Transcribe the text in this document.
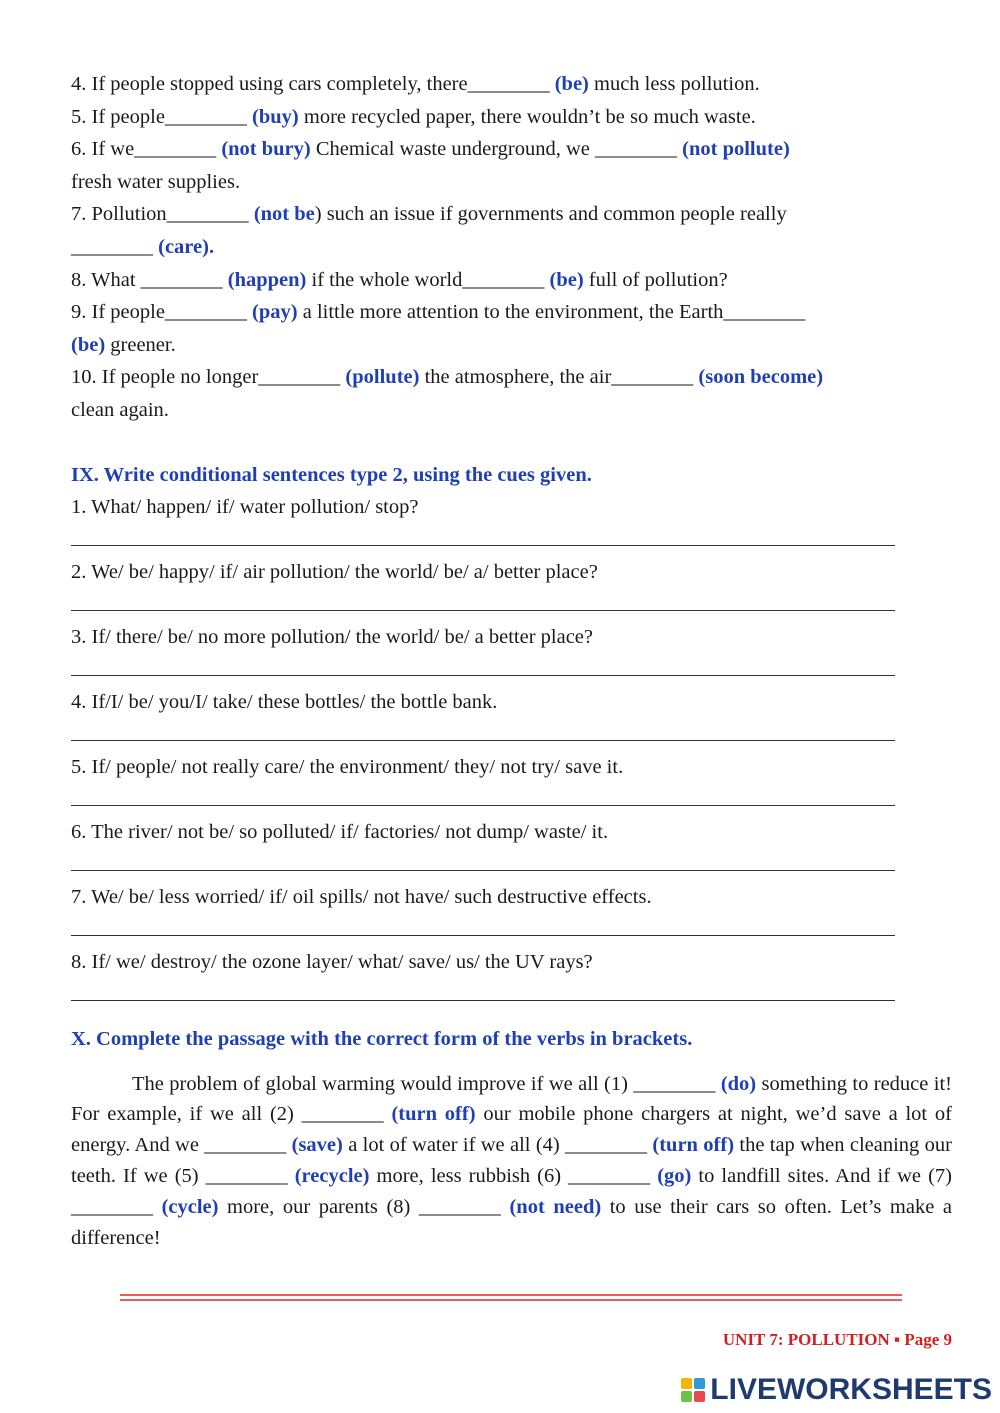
4. If people stopped using cars completely, there________ (be) much less pollution.
5. If people________ (buy) more recycled paper, there wouldn’t be so much waste.
6. If we________ (not bury) Chemical waste underground, we ________ (not pollute)
fresh water supplies.
7. Pollution________ (not be) such an issue if governments and common people really
________ (care).
8. What ________ (happen) if the whole world________ (be) full of pollution?
9. If people________ (pay) a little more attention to the environment, the Earth________
(be) greener.
10. If people no longer________ (pollute) the atmosphere, the air________ (soon become)
clean again.
IX. Write conditional sentences type 2, using the cues given.
1. What/ happen/ if/ water pollution/ stop?
2. We/ be/ happy/ if/ air pollution/ the world/ be/ a/ better place?
3. If/ there/ be/ no more pollution/ the world/ be/ a better place?
4. If/I/ be/ you/I/ take/ these bottles/ the bottle bank.
5. If/ people/ not really care/ the environment/ they/ not try/ save it.
6. The river/ not be/ so polluted/ if/ factories/ not dump/ waste/ it.
7. We/ be/ less worried/ if/ oil spills/ not have/ such destructive effects.
8. If/ we/ destroy/ the ozone layer/ what/ save/ us/ the UV rays?
X. Complete the passage with the correct form of the verbs in brackets.
The problem of global warming would improve if we all (1) ________ (do) something to reduce it! For example, if we all (2) ________ (turn off) our mobile phone chargers at night, we’d save a lot of energy. And we ________ (save) a lot of water if we all (4) ________ (turn off) the tap when cleaning our teeth. If we (5) ________ (recycle) more, less rubbish (6) ________ (go) to landfill sites. And if we (7) ________ (cycle) more, our parents (8) ________ (not need) to use their cars so often. Let’s make a difference!
UNIT 7: POLLUTION ▪ Page 9
LIVEWORKSHEETS
